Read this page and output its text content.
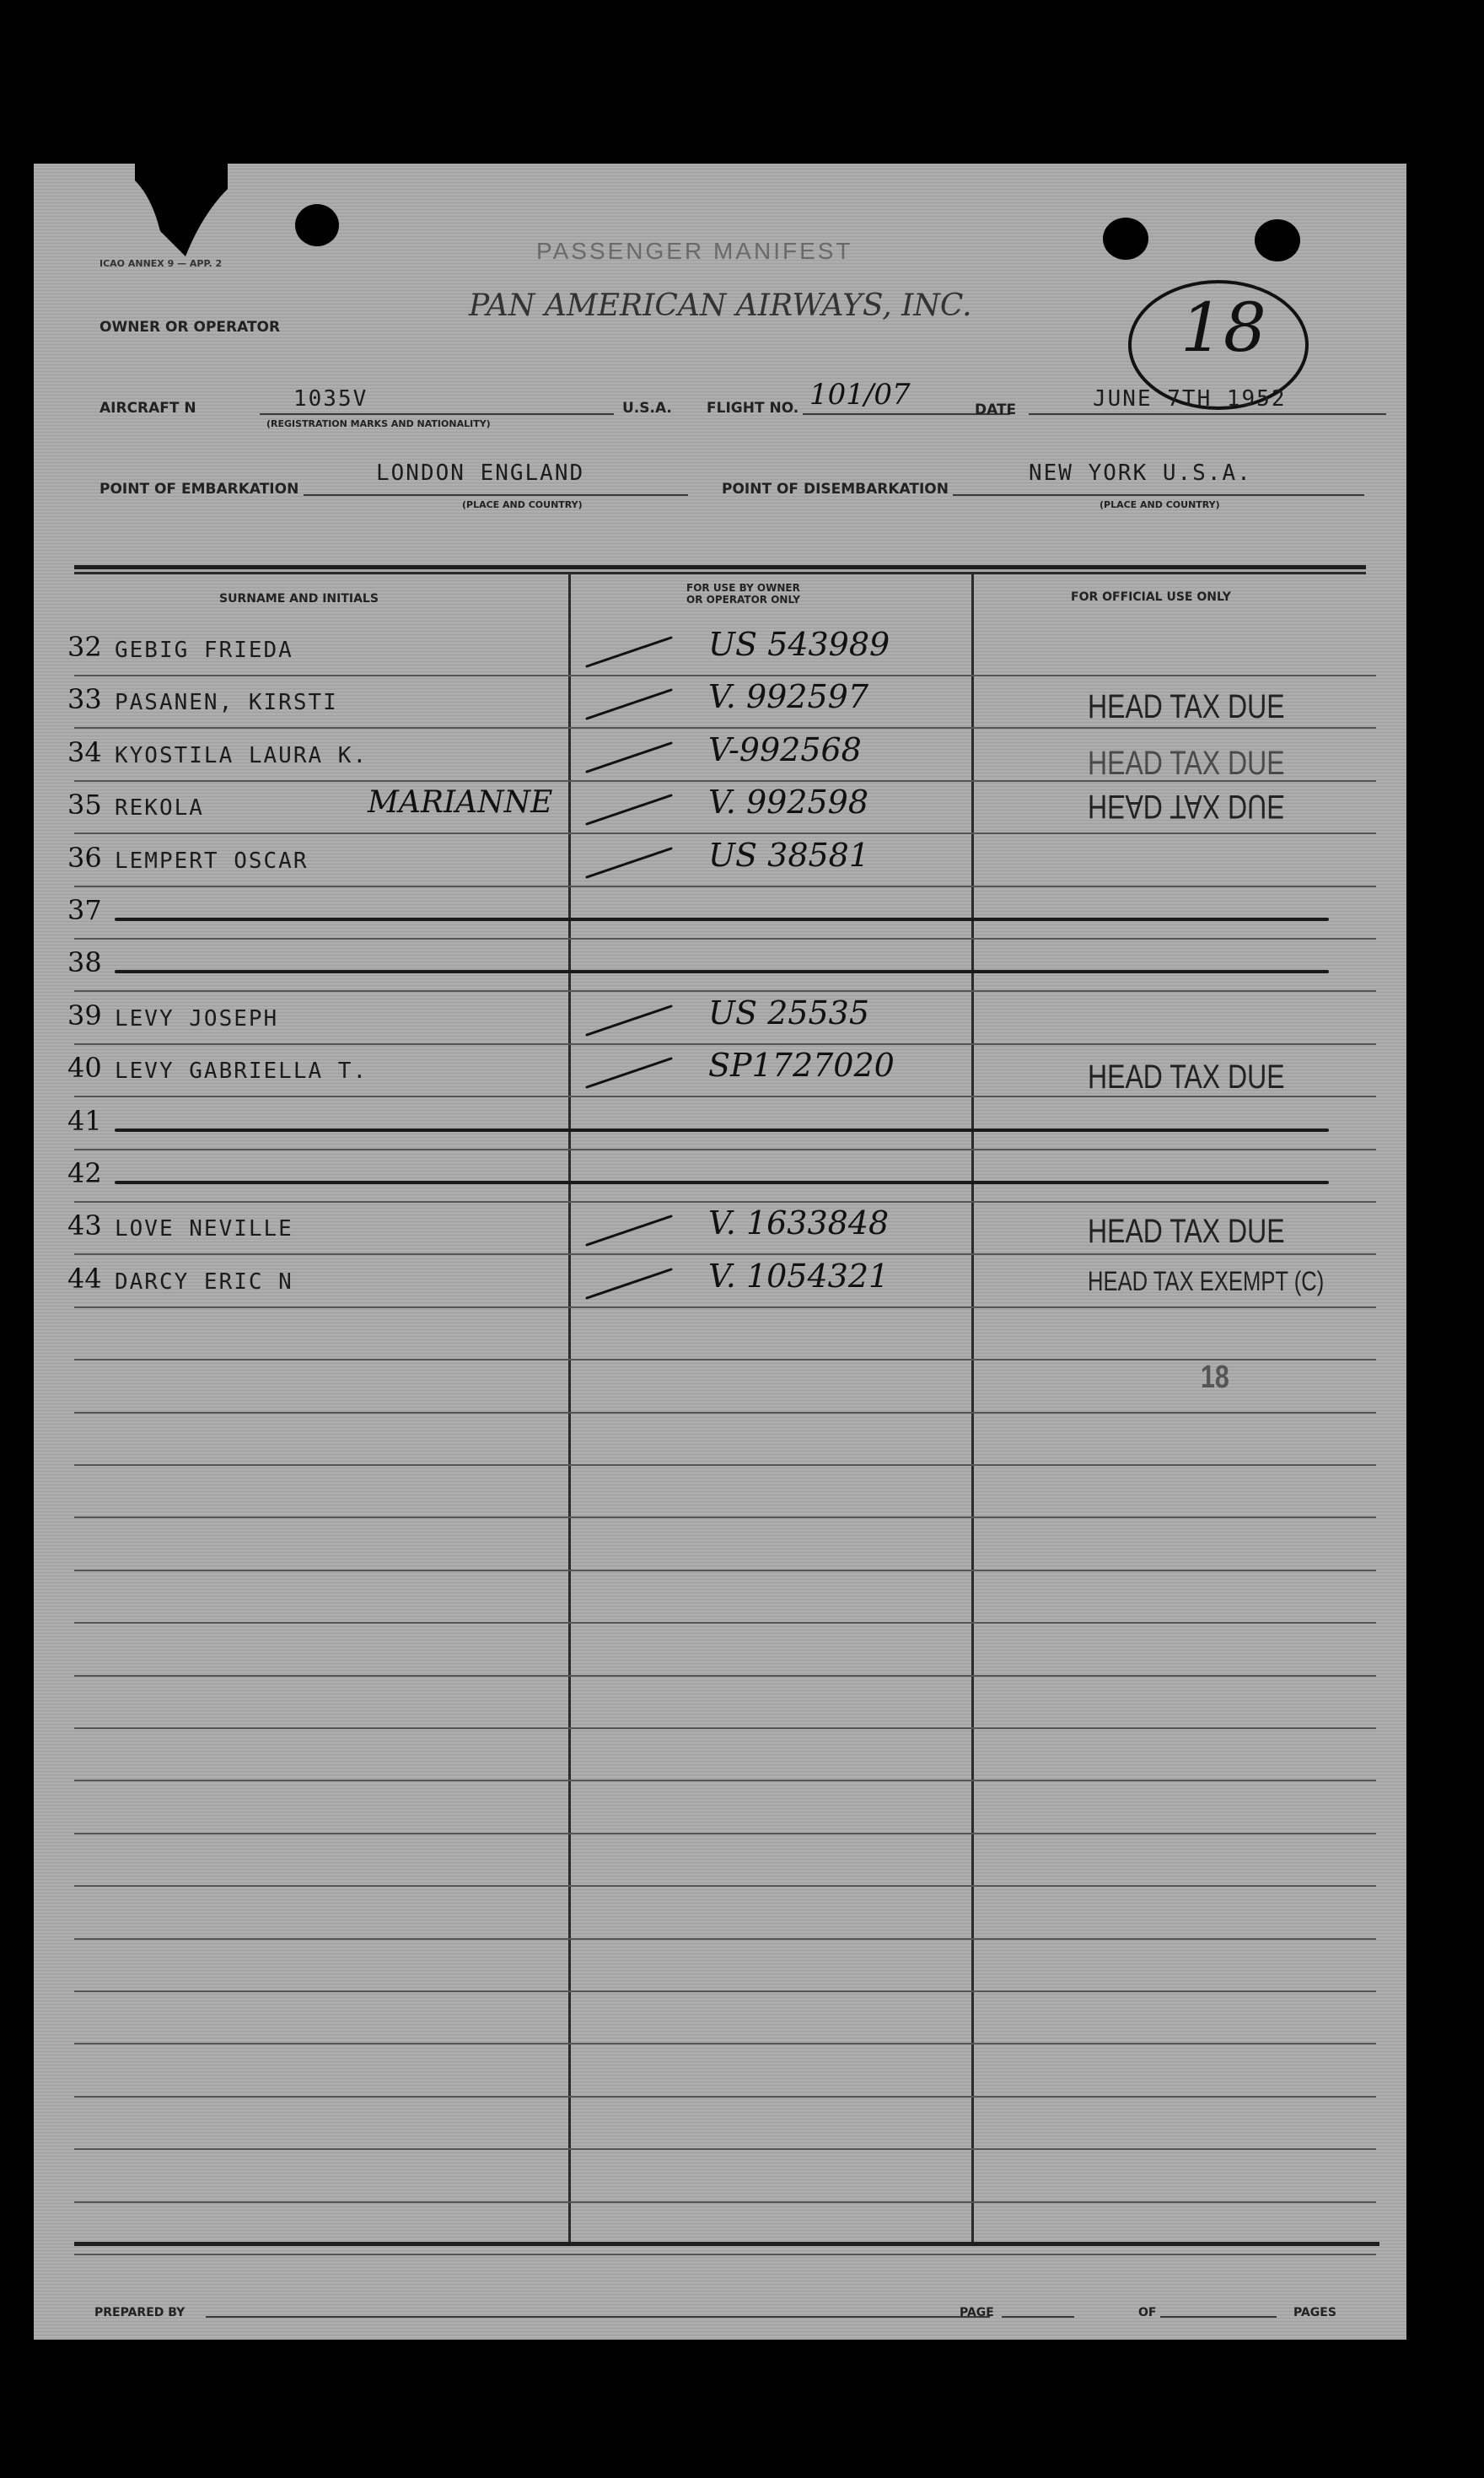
ICAO ANNEX 9 — APP. 2
OWNER OR OPERATOR
PASSENGER MANIFEST
PAN AMERICAN AIRWAYS, INC.	18
AIRCRAFT N	1035V
(REGISTRATION MARKS AND NATIONALITY)
U.S.A. FLIGHT NO. 101/07	DATE	JUNE 7TH 1952
POINT OF EMBARKATION
LONDON ENGLAND
(PLACE AND COUNTRY)
POINT OF DISEMBARKATION
NEW YORK U.S.A.
(PLACE AND COUNTRY)
SURNAME AND INITIALS
FOR USE BY OWNER
OR OPERATOR ONLY	FOR OFFICIAL USE ONLY
32 GEBIG FRIEDA	US 543989
33 PASANEN, KIRSTI	V. 992597	HEAD TAX DUE
34 KYOSTILA LAURA K.	V-992568	HEAD TAX DUE
35 REKOLA	MARIANNE	V. 992598	HEAD TAX DUE
36 LEMPERT OSCAR	US 38581
37
38
39 LEVY JOSEPH	US 25535
40 LEVY GABRIELLA T.	SP1727020	HEAD TAX DUE
41
42
43 LOVE NEVILLE	V. 1633848	HEAD TAX DUE
44 DARCY ERIC N	V. 1054321	HEAD TAX EXEMPT (C)
18
PREPARED BY	PAGE	OF	PAGES
